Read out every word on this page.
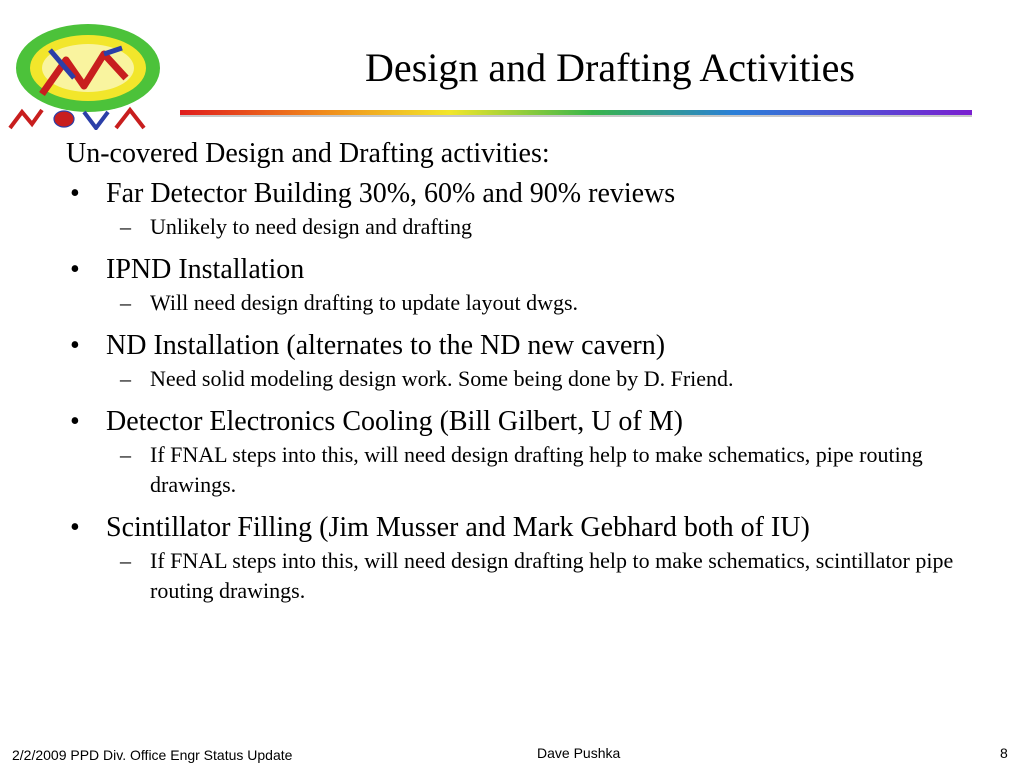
Design and Drafting Activities

Un-covered Design and Drafting activities:

• Far Detector Building 30%, 60% and 90% reviews

– Unlikely to need design and drafting

• IPND Installation

– Will need design drafting to update layout dwgs.

• ND Installation (alternates to the ND new cavern)

– Need solid modeling design work. Some being done by D. Friend.

• Detector Electronics Cooling (Bill Gilbert, U of M)

– If FNAL steps into this, will need design drafting help to make schematics, pipe routing drawings.

• Scintillator Filling (Jim Musser and Mark Gebhard both of IU)

– If FNAL steps into this, will need design drafting help to make schematics, scintillator pipe routing drawings.

2/2/2009 PPD Div. Office Engr Status Update	Dave Pushka	8
